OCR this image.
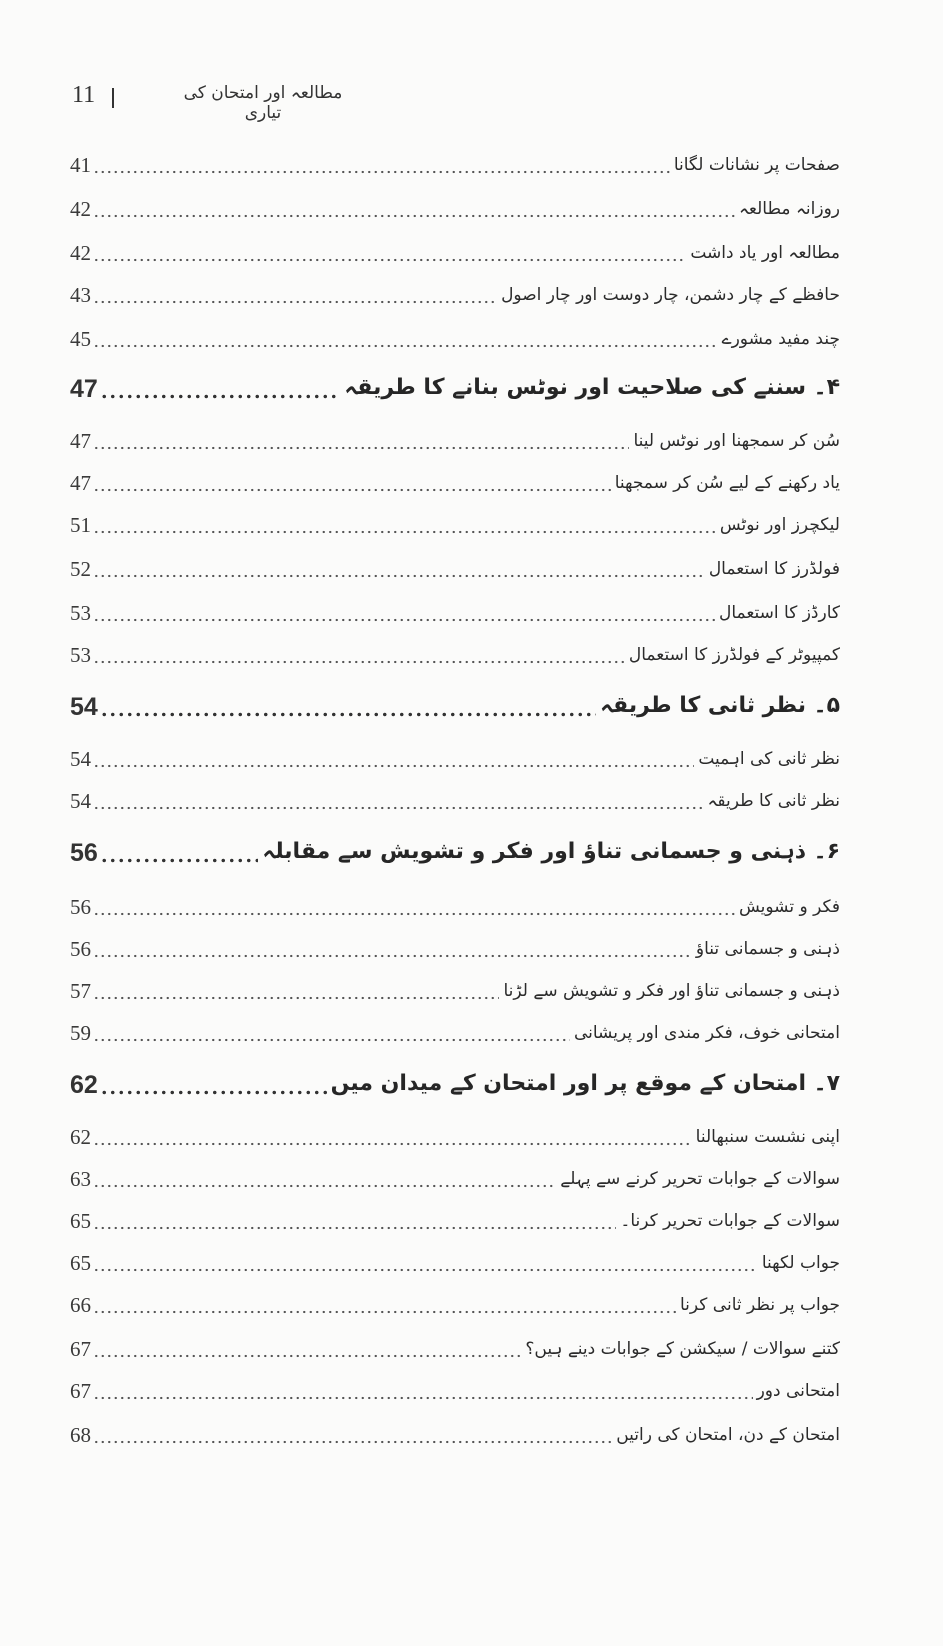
11	مطالعہ اور امتحان کی تیاری
41	صفحات پر نشانات لگانا
42	روزانہ مطالعہ
42	مطالعہ اور یاد داشت
43	حافظے کے چار دشمن، چار دوست اور چار اصول
45	چند مفید مشورے
47	۴۔ سننے کی صلاحیت اور نوٹس بنانے کا طریقہ
47	سُن کر سمجھنا اور نوٹس لینا
47	یاد رکھنے کے لیے سُن کر سمجھنا
51	لیکچرز اور نوٹس
52	فولڈرز کا استعمال
53	کارڈز کا استعمال
53	کمپیوٹر کے فولڈرز کا استعمال
54	۵۔ نظر ثانی کا طریقہ
54	نظر ثانی کی اہمیت
54	نظر ثانی کا طریقہ
56	۶۔ ذہنی و جسمانی تناؤ اور فکر و تشویش سے مقابلہ
56	فکر و تشویش
56	ذہنی و جسمانی تناؤ
57	ذہنی و جسمانی تناؤ اور فکر و تشویش سے لڑنا
59	امتحانی خوف، فکر مندی اور پریشانی
62	۷۔ امتحان کے موقع پر اور امتحان کے میدان میں
62	اپنی نشست سنبھالنا
63	سوالات کے جوابات تحریر کرنے سے پہلے
65	سوالات کے جوابات تحریر کرنا۔
65	جواب لکھنا
66	جواب پر نظر ثانی کرنا
67	کتنے سوالات / سیکشن کے جوابات دینے ہیں؟
67	امتحانی دور
68	امتحان کے دن، امتحان کی راتیں
